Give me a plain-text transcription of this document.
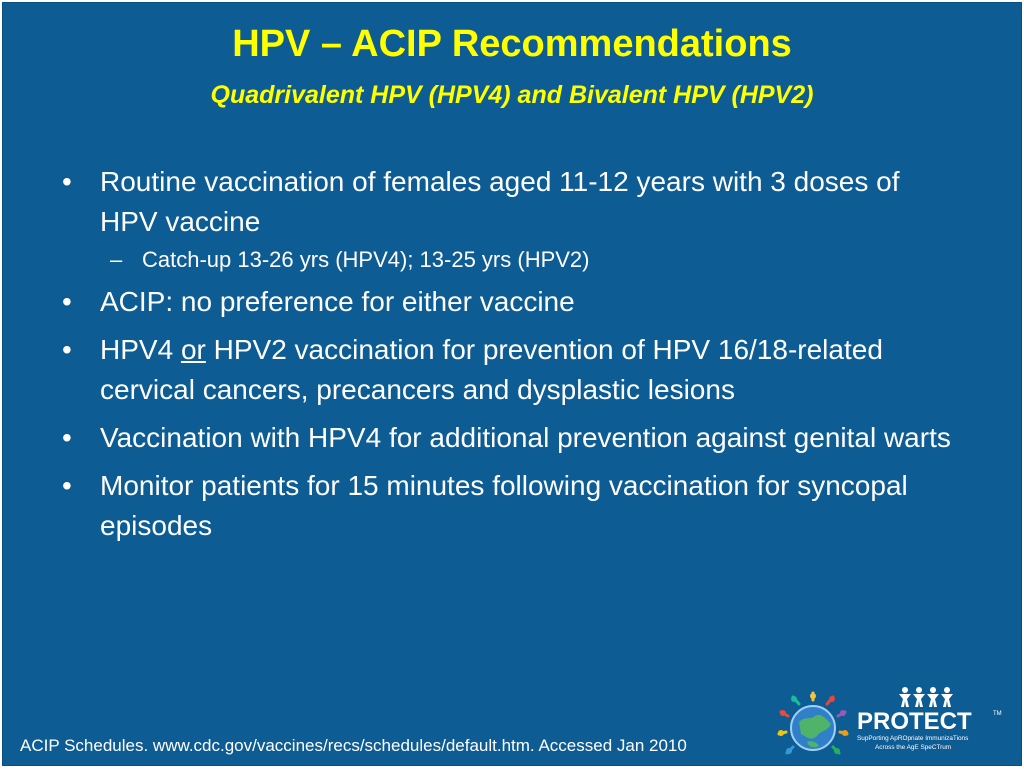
HPV – ACIP Recommendations
Quadrivalent HPV (HPV4) and Bivalent HPV (HPV2)
•	Routine vaccination of females aged 11-12 years with 3 doses of HPV vaccine
– Catch-up 13-26 yrs (HPV4); 13-25 yrs (HPV2)
•	ACIP: no preference for either vaccine
•	HPV4 or HPV2 vaccination for prevention of HPV 16/18-related cervical cancers, precancers and dysplastic lesions
•	Vaccination with HPV4 for additional prevention against genital warts
•	Monitor patients for 15 minutes following vaccination for syncopal episodes
PROTECT	TM
SupPorting ApROpriate ImmunizaTions
Across the AgE SpeCTrum
ACIP Schedules. www.cdc.gov/vaccines/recs/schedules/default.htm. Accessed Jan 2010
